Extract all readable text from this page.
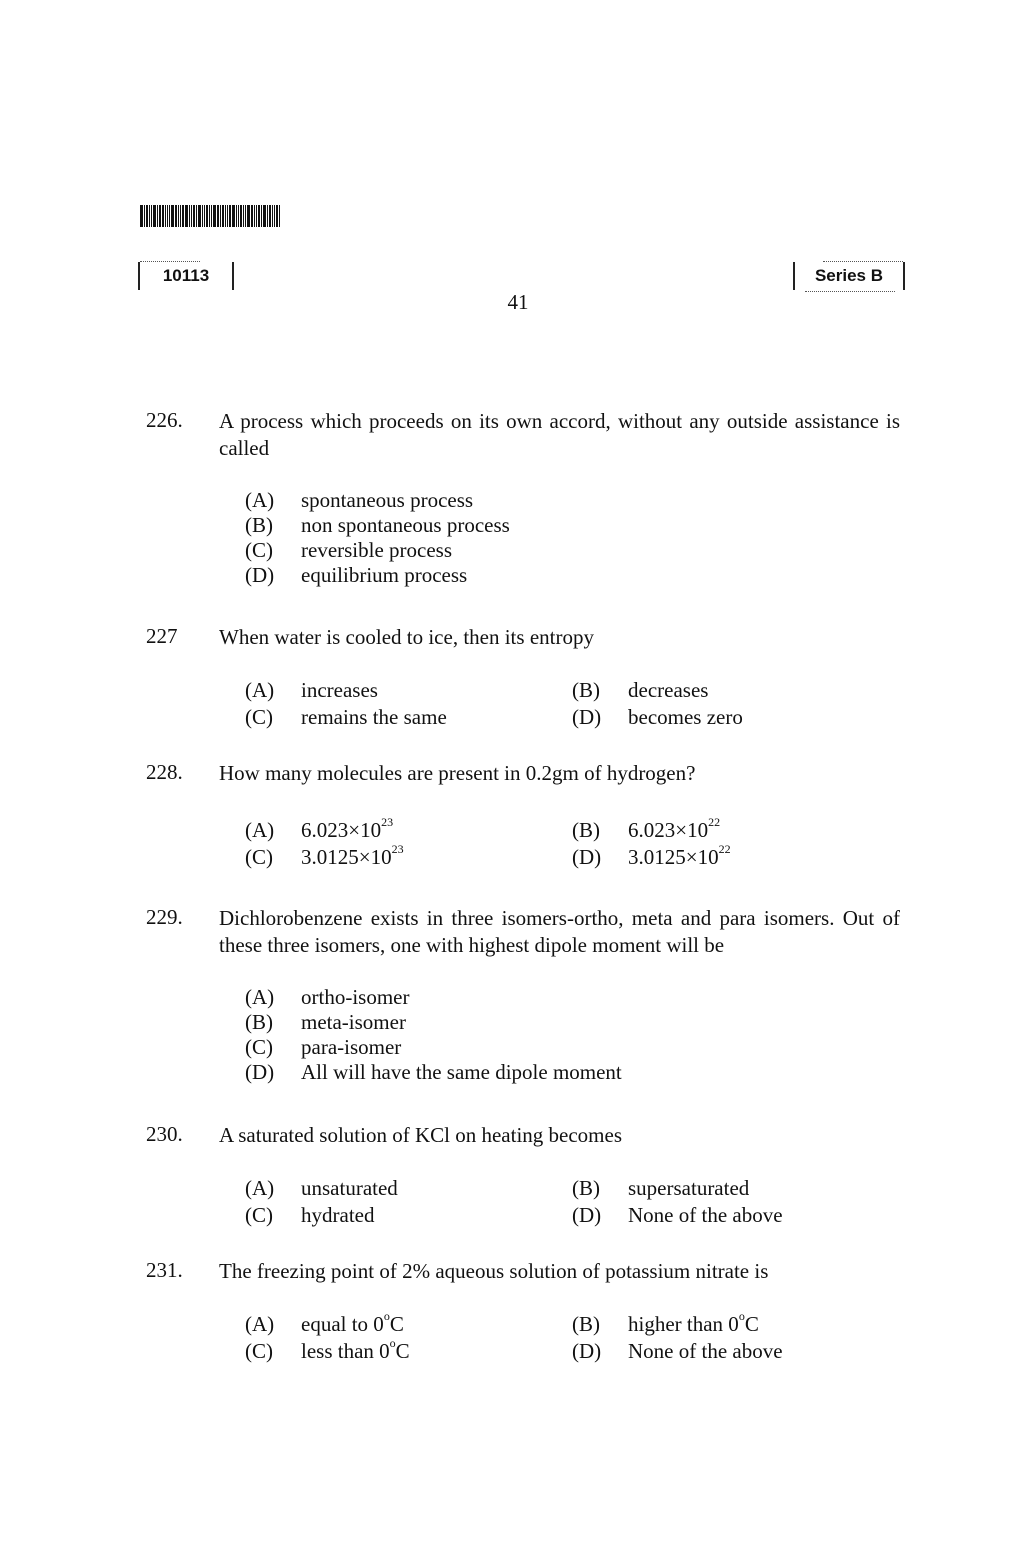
10113	Series B
41
226. A process which proceeds on its own accord, without any outside assistance is called
(A)	spontaneous process
(B)	non spontaneous process
(C)	reversible process
(D)	equilibrium process
227 When water is cooled to ice, then its entropy
(A)	increases	(B)	decreases
(C)	remains the same	(D)	becomes zero
228. How many molecules are present in 0.2gm of hydrogen?
(A)	$6.023\times 10^{23}$	(B)	$6.023\times 10^{22}$
(C)	$3.0125\times 10^{23}$	(D)	$3.0125\times 10^{22}$
229. Dichlorobenzene exists in three isomers-ortho, meta and para isomers. Out of these three isomers, one with highest dipole moment will be
(A)	ortho-isomer
(B)	meta-isomer
(C)	para-isomer
(D)	All will have the same dipole moment
230. A saturated solution of KCl on heating becomes
(A)	unsaturated	(B)	supersaturated
(C)	hydrated	(D)	None of the above
231. The freezing point of 2% aqueous solution of potassium nitrate is
(A)	equal to 0$^o$C	(B)	higher than 0$^o$C
(C)	less than 0$^o$C	(D)	None of the above
